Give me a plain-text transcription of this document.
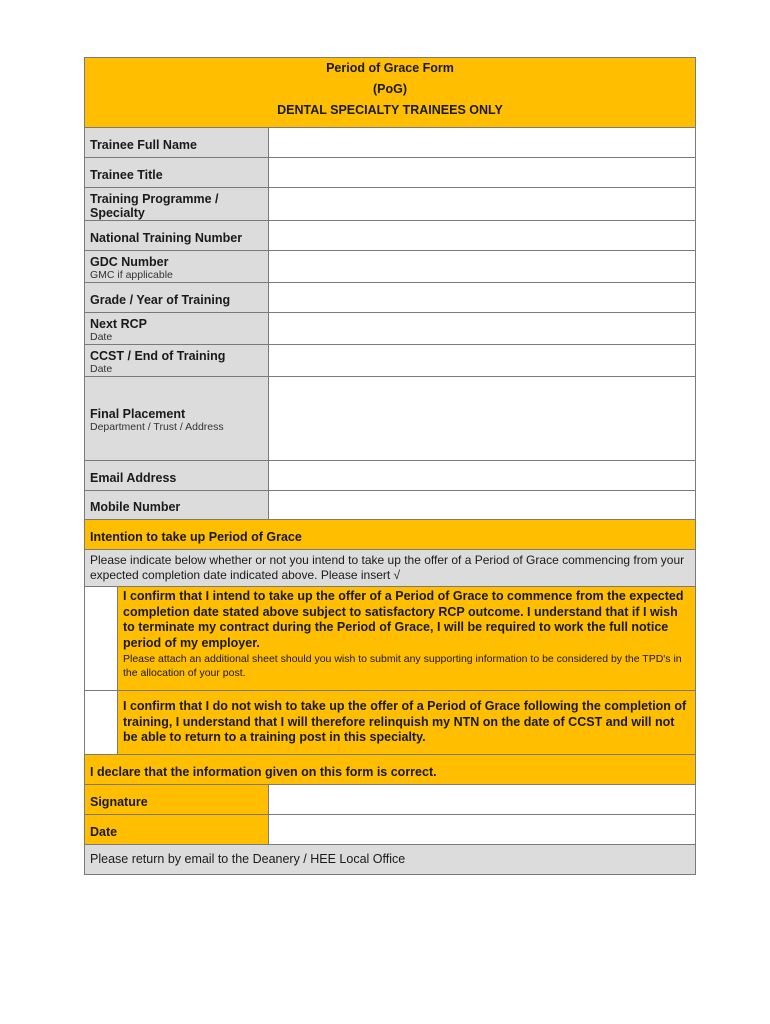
Period of Grace Form
(PoG)
DENTAL SPECIALTY TRAINEES ONLY		

Trainee Full Name		
Trainee Title		
Training Programme / Specialty		
National Training Number		
GDC Number
GMC if applicable		

Grade / Year of Training		
Next RCP
Date		

CCST / End of Training
Date		

Final Placement
Department / Trust / Address		

Email Address		
Mobile Number		
Intention to take up Period of Grace		
Please indicate below whether or not you intend to take up the offer of a Period of Grace commencing from your expected completion date indicated above. Please insert √		
	I confirm that I intend to take up the offer of a Period of Grace to commence from the expected completion date stated above subject to satisfactory RCP outcome. I understand that if I wish to terminate my contract during the Period of Grace, I will be required to work the full notice period of my employer.
Please attach an additional sheet should you wish to submit any supporting information to be considered by the TPD's in the allocation of your post.	

	I confirm that I do not wish to take up the offer of a Period of Grace following the completion of training, I understand that I will therefore relinquish my NTN on the date of CCST and will not be able to return to a training post in this specialty.	
I declare that the information given on this form is correct.		
Signature		
Date		
Please return by email to the Deanery / HEE Local Office		
